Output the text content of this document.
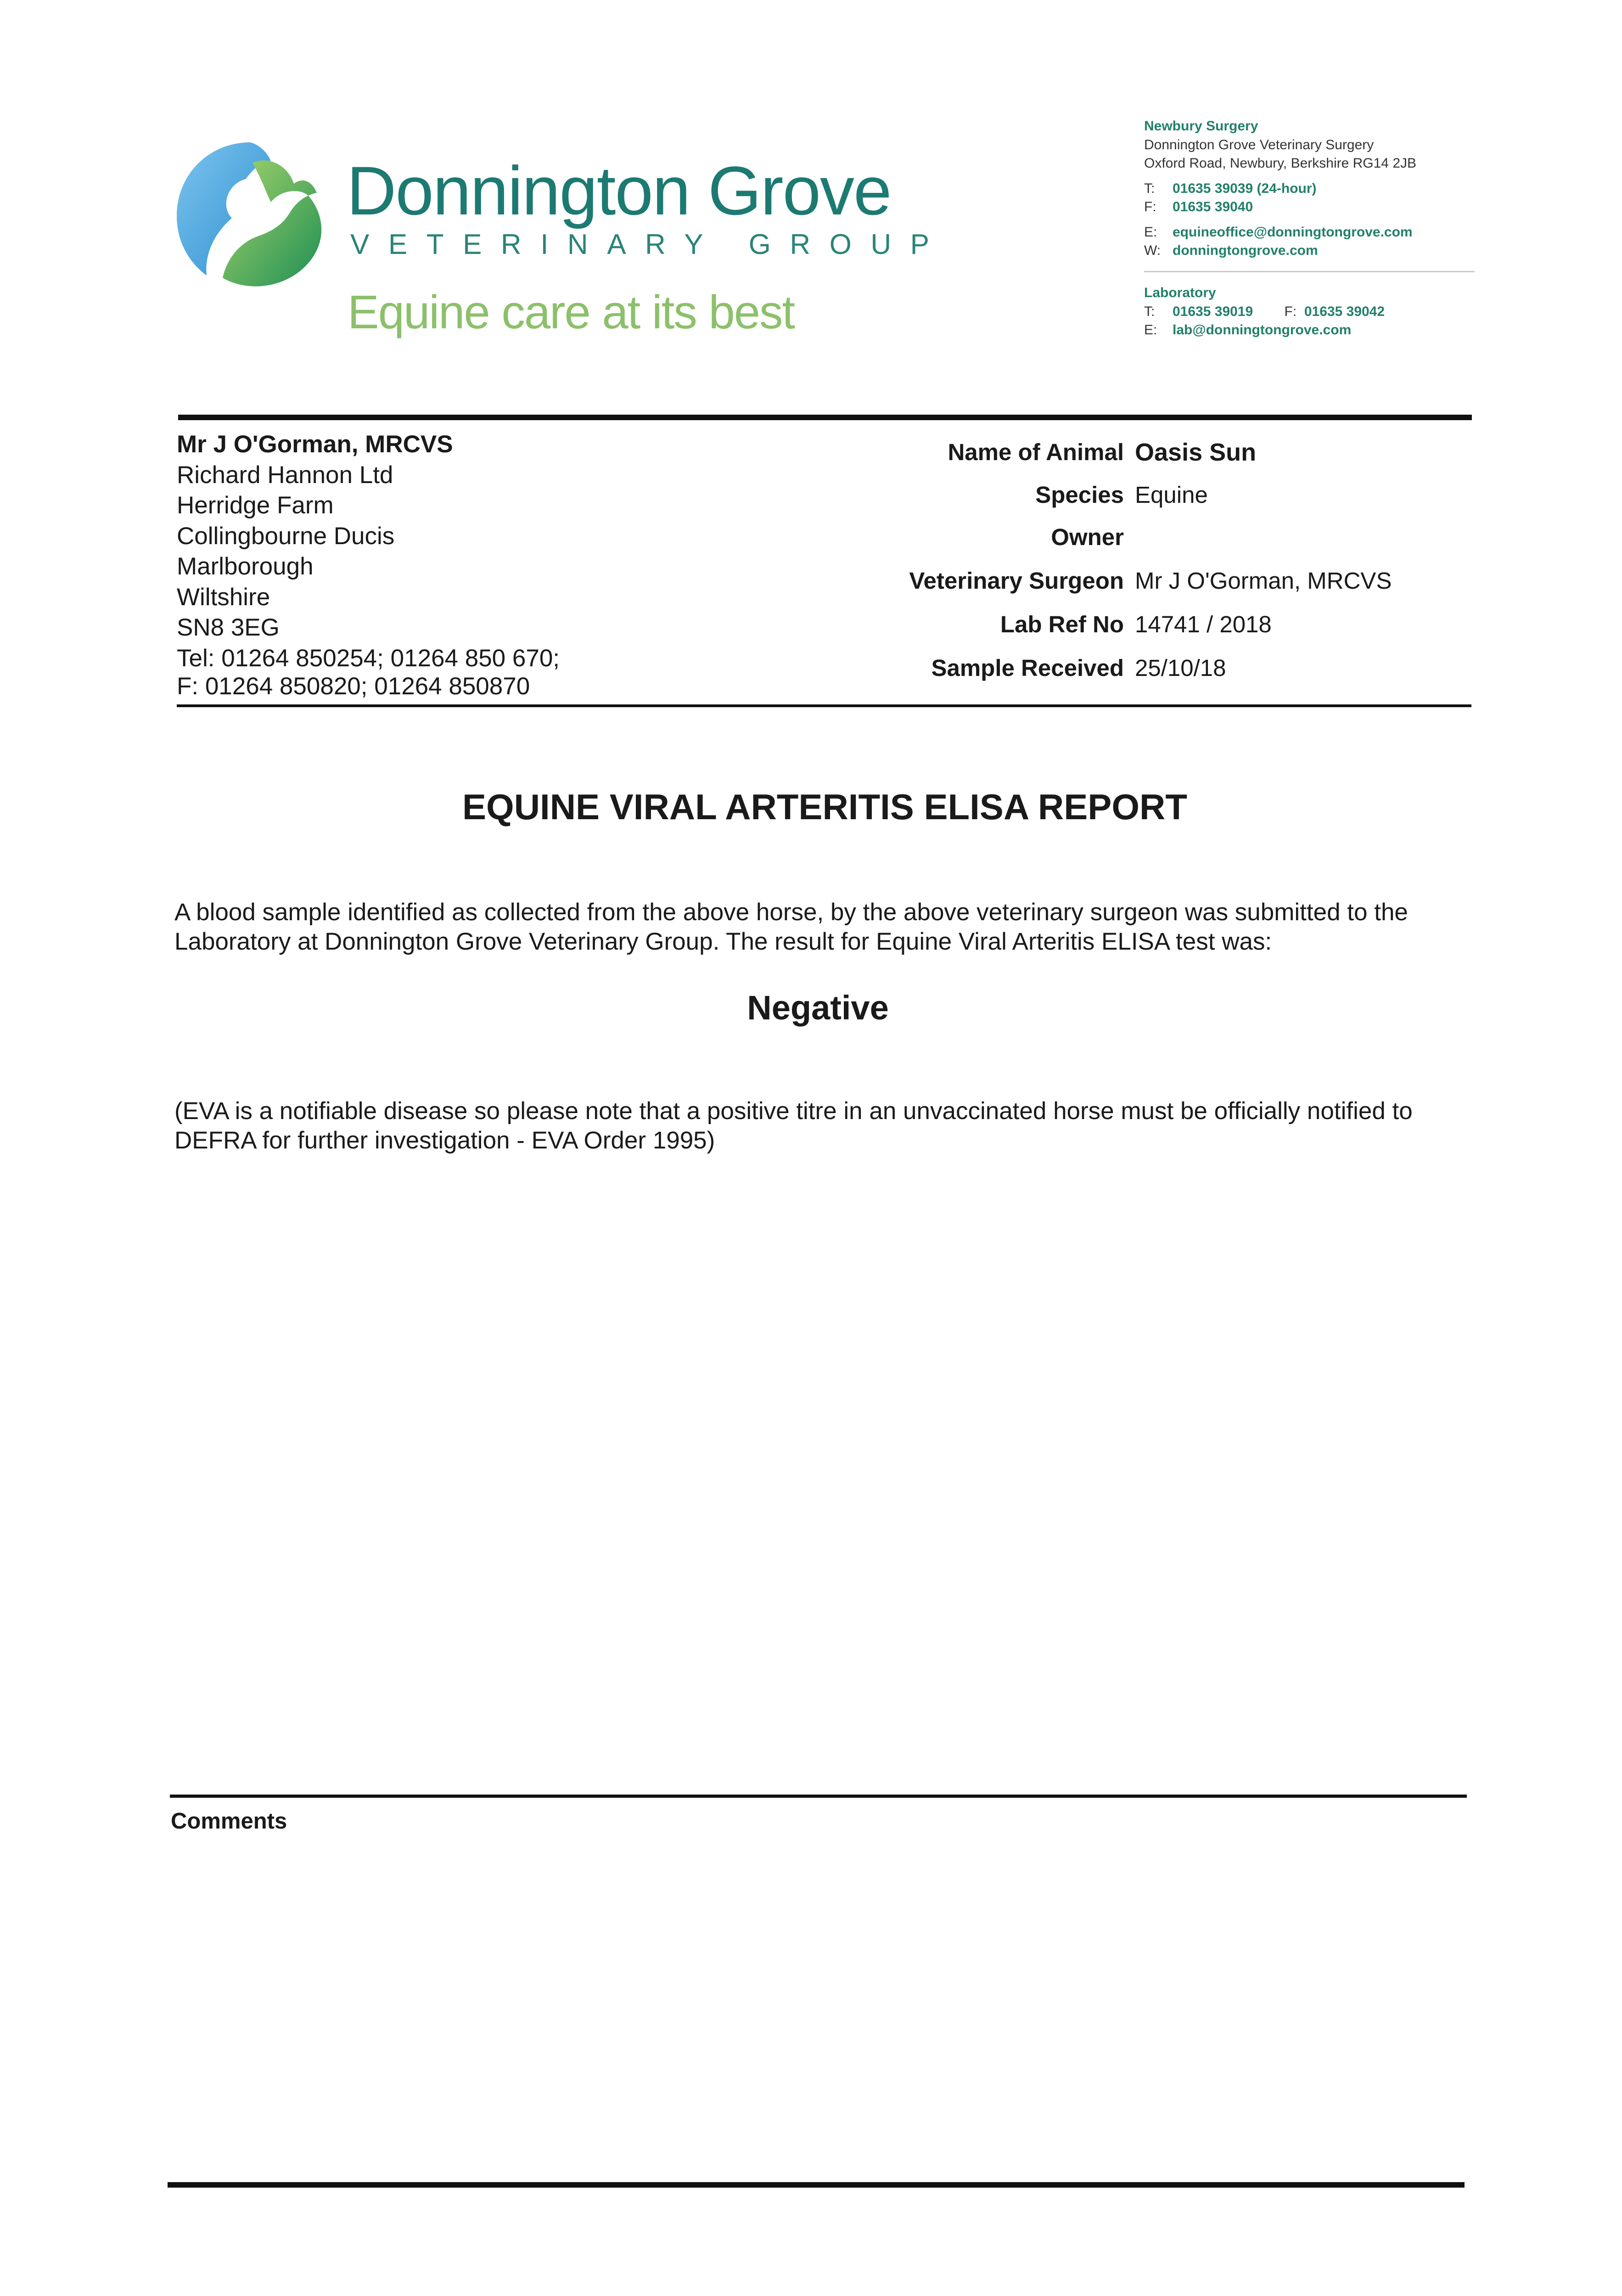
Donnington Grove
VETERINARY GROUP
Equine care at its best
Newbury Surgery
Donnington Grove Veterinary Surgery
Oxford Road, Newbury, Berkshire RG14 2JB
T: 01635 39039 (24-hour)
F: 01635 39040
E: equineoffice@donningtongrove.com
W: donningtongrove.com
Laboratory
T: 01635 39019 F: 01635 39042
E: lab@donningtongrove.com
Mr J O'Gorman, MRCVS
Richard Hannon Ltd
Herridge Farm
Collingbourne Ducis
Marlborough
Wiltshire
SN8 3EG
Tel: 01264 850254; 01264 850 670;
F: 01264 850820; 01264 850870
Name of Animal Oasis Sun
Species Equine
Owner
Veterinary Surgeon Mr J O'Gorman, MRCVS
Lab Ref No 14741 / 2018
Sample Received 25/10/18
EQUINE VIRAL ARTERITIS ELISA REPORT
A blood sample identified as collected from the above horse, by the above veterinary surgeon was submitted to the Laboratory at Donnington Grove Veterinary Group. The result for Equine Viral Arteritis ELISA test was:
Negative
(EVA is a notifiable disease so please note that a positive titre in an unvaccinated horse must be officially notified to DEFRA for further investigation - EVA Order 1995)
Comments
